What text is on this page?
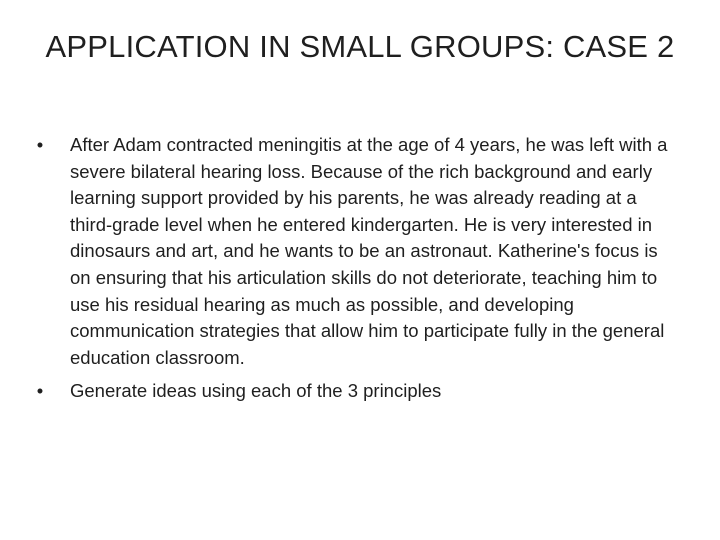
APPLICATION IN SMALL GROUPS: CASE 2
•	After Adam contracted meningitis at the age of 4 years, he was left with a severe bilateral hearing loss. Because of the rich background and early learning support provided by his parents, he was already reading at a third-grade level when he entered kindergarten. He is very interested in dinosaurs and art, and he wants to be an astronaut. Katherine's focus is on ensuring that his articulation skills do not deteriorate, teaching him to use his residual hearing as much as possible, and developing communication strategies that allow him to participate fully in the general education classroom.
•	Generate ideas using each of the 3 principles
